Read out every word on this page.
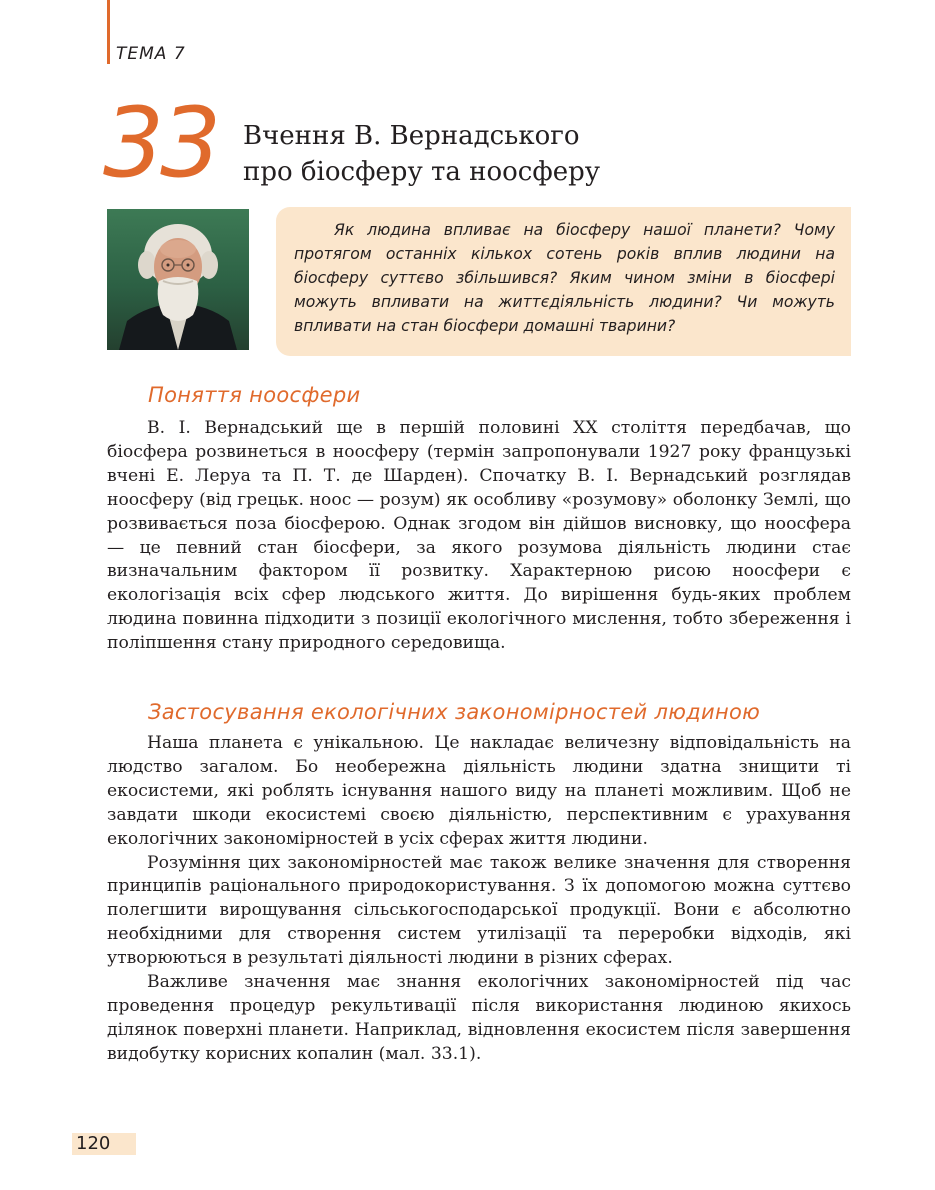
ТЕМА 7
33 Вчення В. Вернадського
про біосферу та ноосферу

Як людина впливає на біосферу нашої планети? Чому протягом останніх кількох сотень років вплив людини на біосферу суттєво збільшився? Яким чином зміни в біосфері можуть впливати на життєдіяльність людини? Чи можуть впливати на стан біосфери домашні тварини?

Поняття ноосфери

В. І. Вернадський ще в першій половині XX століття передбачав, що біосфера розвинеться в ноосферу (термін запропонували 1927 року французькі вчені Е. Леруа та П. Т. де Шарден). Спочатку В. І. Вернадський розглядав ноосферу (від грецьк. ноос — розум) як особливу «розумову» оболонку Землі, що розвивається поза біосферою. Однак згодом він дійшов висновку, що ноосфера — це певний стан біосфери, за якого розумова діяльність людини стає визначальним фактором її розвитку. Характерною рисою ноосфери є екологізація всіх сфер людського життя. До вирішення будь-яких проблем людина повинна підходити з позиції екологічного мислення, тобто збереження і поліпшення стану природного середовища.

Застосування екологічних закономірностей людиною

Наша планета є унікальною. Це накладає величезну відповідальність на людство загалом. Бо необережна діяльність людини здатна знищити ті екосистеми, які роблять існування нашого виду на планеті можливим. Щоб не завдати шкоди екосистемі своєю діяльністю, перспективним є урахування екологічних закономірностей в усіх сферах життя людини.

Розуміння цих закономірностей має також велике значення для створення принципів раціонального природокористування. З їх допомогою можна суттєво полегшити вирощування сільськогосподарської продукції. Вони є абсолютно необхідними для створення систем утилізації та переробки відходів, які утворюються в результаті діяльності людини в різних сферах.

Важливе значення має знання екологічних закономірностей під час проведення процедур рекультивації після використання людиною якихось ділянок поверхні планети. Наприклад, відновлення екосистем після завершення видобутку корисних копалин (мал. 33.1).

120
